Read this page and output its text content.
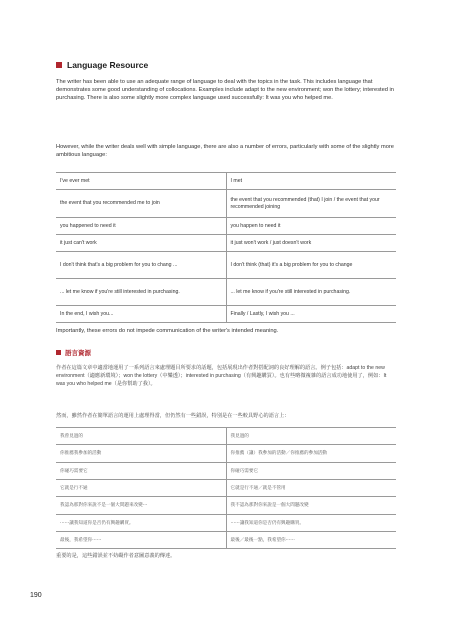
Language Resource
The writer has been able to use an adequate range of language to deal with the topics in the task. This includes language that demonstrates some good understanding of collocations. Examples include adapt to the new environment; won the lottery; interested in purchasing. There is also some slightly more complex language used successfully: It was you who helped me.
However, while the writer deals well with simple language, there are also a number of errors, particularly with some of the slightly more ambitious language:
I've ever met	I met
the event that you recommended me to join	the event that you recommended (that) I join / the event that your recommended joining
you happened to need it	you happen to need it
it just can't work	it just won't work / just doesn't work
I don't think that's a big problem for you to chang ...	I don't think (that) it's a big problem for you to change
... let me know if you're still interested in purchasing.	... let me know if you're still interested in purchasing.
In the end, I wish you...	Finally / Lastly, I wish you ...
Importantly, these errors do not impede communication of the writer's intended meaning.
語言資源
作者在這篇文章中適當地運用了一系列語言來處理題目所要求的話題，包括展現出作者對搭配詞的良好理解的語言。例子包括：adapt to the new environment（適應新環境）；won the lottery（中樂透）；interested in purchasing（有興趣購買）。也有些略微複雜的語言成功地使用了，例如：It was you who helped me（是你幫助了我）。
然而，雖然作者在簡單語言的運用上處理得當，但仍然有一些錯誤，特別是在一些較具野心的語言上：
我曾見過的	我見過的
你推薦我參加的活動	你推薦（讓）我參加的活動／你推薦的參加活動
你碰巧需要它	你碰巧需要它
它就是行不通	它就是行不通／就是不管用
我認為那對你來說不是一個大問題來改變⋯	我不認為那對你來說是一個大問題改變
⋯⋯讓我知道你是否仍有興趣購買。	⋯⋯讓我知道你是否仍有興趣購買。
最後，我希望你⋯⋯	最後／最後一點，我希望你⋯⋯
重要的是，這些錯誤並不妨礙作者意圖意義的傳達。
190
